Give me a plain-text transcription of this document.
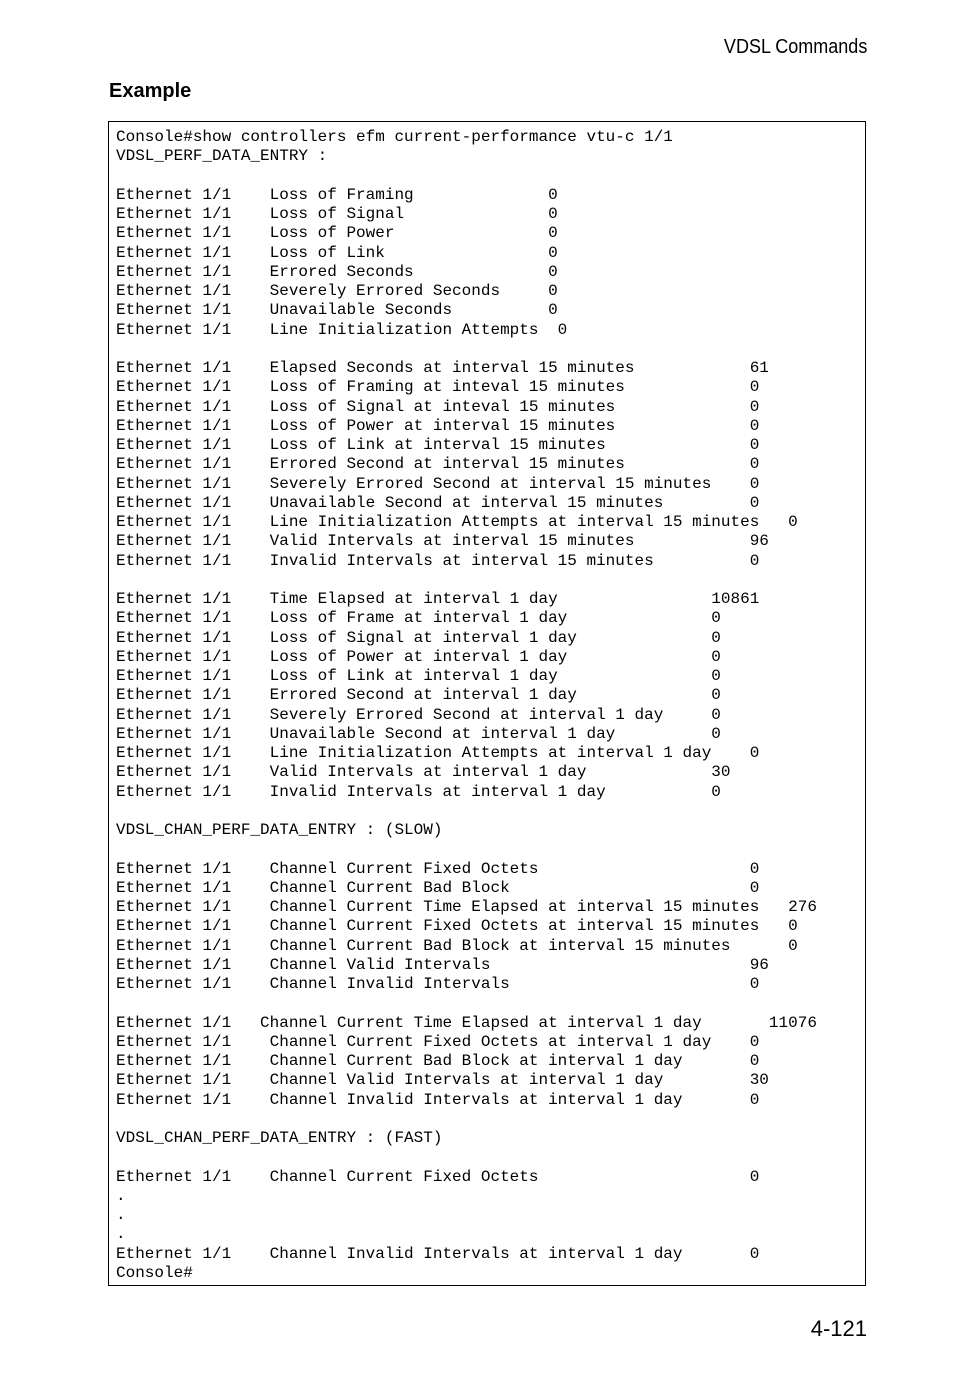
VDSL Commands
Example
Console#show controllers efm current-performance vtu-c 1/1
VDSL_PERF_DATA_ENTRY :
Ethernet 1/1    Loss of Framing              0
Ethernet 1/1    Loss of Signal               0
Ethernet 1/1    Loss of Power                0
Ethernet 1/1    Loss of Link                 0
Ethernet 1/1    Errored Seconds              0
Ethernet 1/1    Severely Errored Seconds     0
Ethernet 1/1    Unavailable Seconds          0
Ethernet 1/1    Line Initialization Attempts  0
Ethernet 1/1    Elapsed Seconds at interval 15 minutes            61
Ethernet 1/1    Loss of Framing at inteval 15 minutes             0
Ethernet 1/1    Loss of Signal at inteval 15 minutes              0
Ethernet 1/1    Loss of Power at interval 15 minutes              0
Ethernet 1/1    Loss of Link at interval 15 minutes               0
Ethernet 1/1    Errored Second at interval 15 minutes             0
Ethernet 1/1    Severely Errored Second at interval 15 minutes    0
Ethernet 1/1    Unavailable Second at interval 15 minutes         0
Ethernet 1/1    Line Initialization Attempts at interval 15 minutes   0
Ethernet 1/1    Valid Intervals at interval 15 minutes            96
Ethernet 1/1    Invalid Intervals at interval 15 minutes          0
Ethernet 1/1    Time Elapsed at interval 1 day                10861
Ethernet 1/1    Loss of Frame at interval 1 day               0
Ethernet 1/1    Loss of Signal at interval 1 day              0
Ethernet 1/1    Loss of Power at interval 1 day               0
Ethernet 1/1    Loss of Link at interval 1 day                0
Ethernet 1/1    Errored Second at interval 1 day              0
Ethernet 1/1    Severely Errored Second at interval 1 day     0
Ethernet 1/1    Unavailable Second at interval 1 day          0
Ethernet 1/1    Line Initialization Attempts at interval 1 day    0
Ethernet 1/1    Valid Intervals at interval 1 day             30
Ethernet 1/1    Invalid Intervals at interval 1 day           0
VDSL_CHAN_PERF_DATA_ENTRY : (SLOW)
Ethernet 1/1    Channel Current Fixed Octets                      0
Ethernet 1/1    Channel Current Bad Block                         0
Ethernet 1/1    Channel Current Time Elapsed at interval 15 minutes   276
Ethernet 1/1    Channel Current Fixed Octets at interval 15 minutes   0
Ethernet 1/1    Channel Current Bad Block at interval 15 minutes      0
Ethernet 1/1    Channel Valid Intervals                           96
Ethernet 1/1    Channel Invalid Intervals                         0
Ethernet 1/1   Channel Current Time Elapsed at interval 1 day       11076
Ethernet 1/1    Channel Current Fixed Octets at interval 1 day    0
Ethernet 1/1    Channel Current Bad Block at interval 1 day       0
Ethernet 1/1    Channel Valid Intervals at interval 1 day         30
Ethernet 1/1    Channel Invalid Intervals at interval 1 day       0
VDSL_CHAN_PERF_DATA_ENTRY : (FAST)
Ethernet 1/1    Channel Current Fixed Octets                      0
.
.
.
Ethernet 1/1    Channel Invalid Intervals at interval 1 day       0
Console#
4-121
